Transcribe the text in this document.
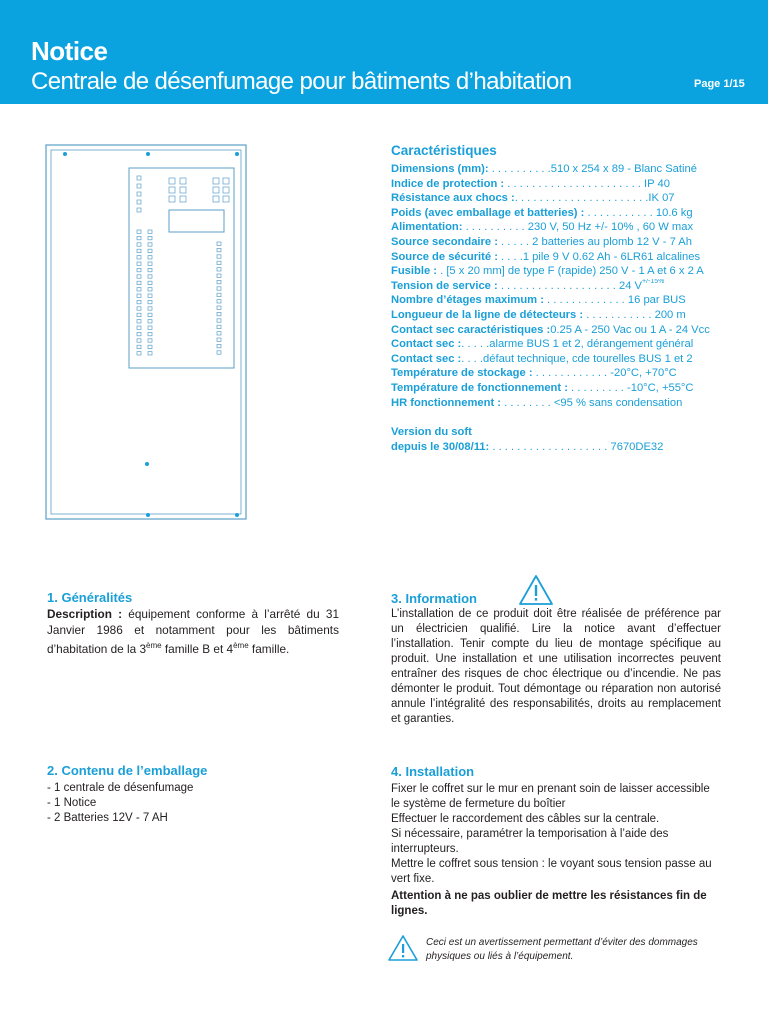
Notice
Centrale de désenfumage pour bâtiments d’habitation	Page 1/15
Caractéristiques
Dimensions (mm): . . . . . . . . . .510 x 254 x 89 - Blanc Satiné
Indice de protection : . . . . . . . . . . . . . . . . . . . . . . IP 40
Résistance aux chocs :. . . . . . . . . . . . . . . . . . . . . .IK 07
Poids (avec emballage et batteries) : . . . . . . . . . . . 10.6 kg
Alimentation: . . . . . . . . . . 230 V, 50 Hz +/- 10% , 60 W max
Source secondaire : . . . . . 2 batteries au plomb 12 V - 7 Ah
Source de sécurité : . . . .1 pile 9 V 0.62 Ah - 6LR61 alcalines
Fusible : . [5 x 20 mm] de type F (rapide) 250 V - 1 A et 6 x 2 A
Tension de service : . . . . . . . . . . . . . . . . . . . 24 $V^{+/-15\%}$
Nombre d’étages maximum : . . . . . . . . . . . . . 16 par BUS
Longueur de la ligne de détecteurs : . . . . . . . . . . . 200 m
Contact sec caractéristiques :0.25 A - 250 Vac ou 1 A - 24 Vcc
Contact sec :. . . . .alarme BUS 1 et 2, dérangement général
Contact sec :. . . .défaut technique, cde tourelles BUS 1 et 2
Température de stockage : . . . . . . . . . . . . -20°C, +70°C
Température de fonctionnement : . . . . . . . . . -10°C, +55°C
HR fonctionnement : . . . . . . . . <95 % sans condensation
Version du soft
depuis le 30/08/11: . . . . . . . . . . . . . . . . . . . 7670DE32
1. Généralités
Description : équipement conforme à l’arrêté du 31 Janvier 1986 et notamment pour les bâtiments d’habitation de la 3ème famille B et 4ème famille.
2. Contenu de l’emballage
- 1 centrale de désenfumage
- 1 Notice
- 2 Batteries 12V - 7 AH
3. Information
L’installation de ce produit doit être réalisée de préférence par un électricien qualifié. Lire la notice avant d’effectuer l’installation. Tenir compte du lieu de montage spécifique au produit. Une installation et une utilisation incorrectes peuvent entraîner des risques de choc électrique ou d’incendie. Ne pas démonter le produit. Tout démontage ou réparation non autorisé annule l’intégralité des responsabilités, droits au remplacement et garanties.
4. Installation
Fixer le coffret sur le mur en prenant soin de laisser accessible le système de fermeture du boîtier
Effectuer le raccordement des câbles sur la centrale.
Si nécessaire, paramétrer la temporisation à l’aide des interrupteurs.
Mettre le coffret sous tension : le voyant sous tension passe au vert fixe.
Attention à ne pas oublier de mettre les résistances fin de lignes.
Ceci est un avertissement permettant d’éviter des dommages physiques ou liés à l’équipement.
